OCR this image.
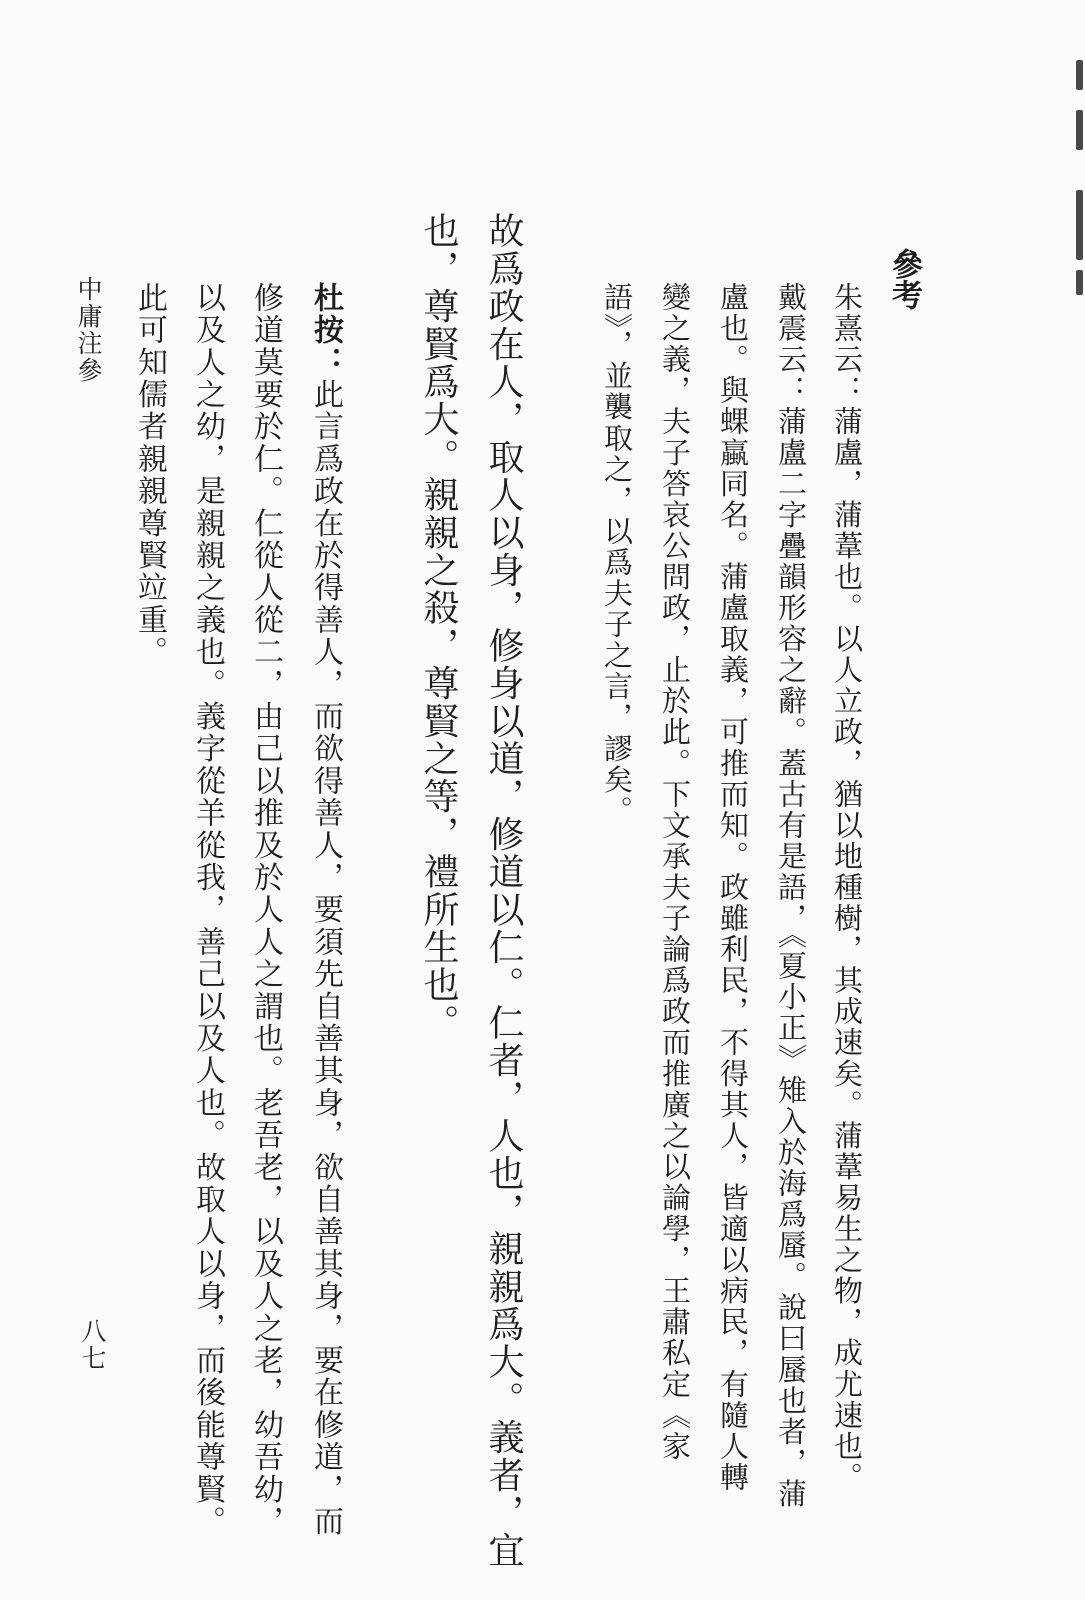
參考
朱熹云：蒲盧，蒲葦也。以人立政，猶以地種樹，其成速矣。蒲葦易生之物，成尤速也。
戴震云：蒲盧二字疊韻形容之辭。蓋古有是語，《夏小正》雉入於海爲蜃。說曰蜃也者，蒲
盧也。與蜾蠃同名。蒲盧取義，可推而知。政雖利民，不得其人，皆適以病民，有隨人轉
變之義，夫子答哀公問政，止於此。下文承夫子論爲政而推廣之以論學，王肅私定《家
語》，並襲取之，以爲夫子之言，謬矣。
故爲政在人，取人以身，修身以道，修道以仁。仁者，人也，親親爲大。義者，宜
也，尊賢爲大。親親之殺，尊賢之等，禮所生也。
杜按：此言爲政在於得善人，而欲得善人，要須先自善其身，欲自善其身，要在修道，而
修道莫要於仁。仁從人從二，由己以推及於人人之謂也。老吾老，以及人之老，幼吾幼，
以及人之幼，是親親之義也。義字從羊從我，善己以及人也。故取人以身，而後能尊賢。
此可知儒者親親尊賢竝重。
中庸注參
八七
